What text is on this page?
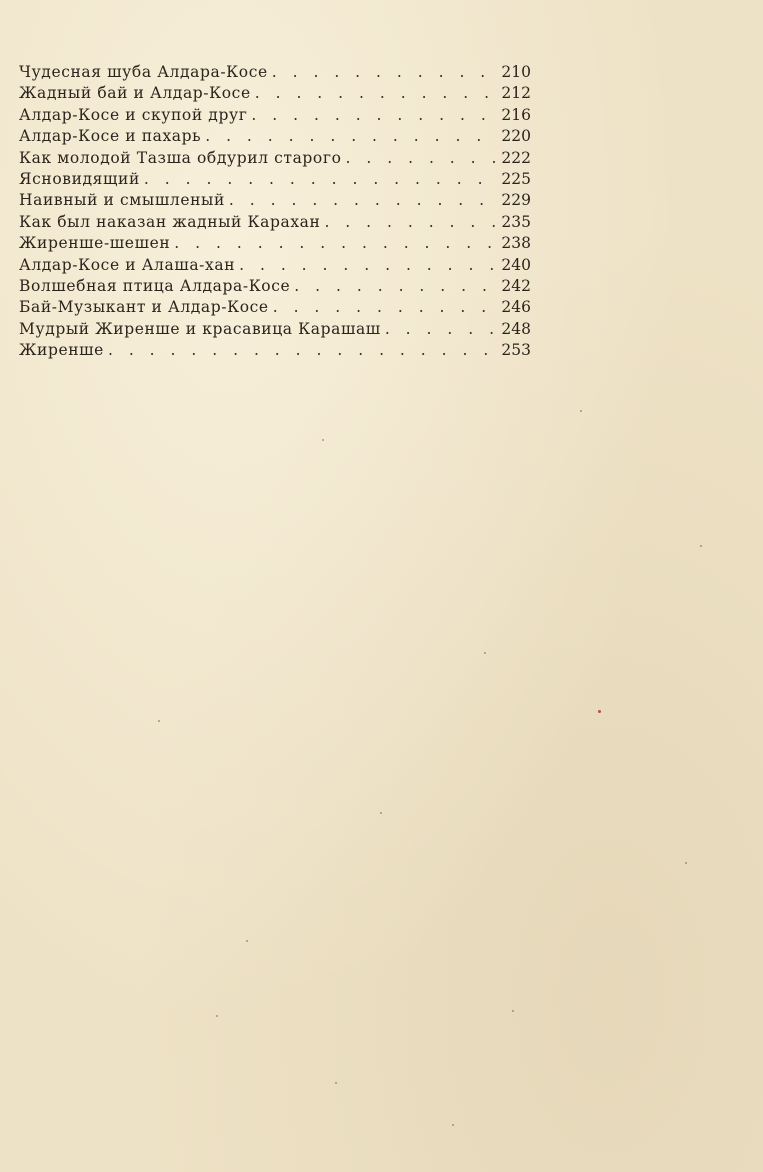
Чудесная шуба Алдара-Косе . . .	210
Жадный бай и Алдар-Косе . . .	212
Алдар-Косе и скупой друг . . .	216
Алдар-Косе и пахарь . . .	220
Как молодой Тазша обдурил старого . . .	222
Ясновидящий . . .	225
Наивный и смышленый . . .	229
Как был наказан жадный Карахан . . .	235
Жиренше-шешен . . .	238
Алдар-Косе и Алаша-хан . . .	240
Волшебная птица Алдара-Косе . . .	242
Бай-Музыкант и Алдар-Косе . . .	246
Мудрый Жиренше и красавица Карашаш . . .	248
Жиренше . . .	253
